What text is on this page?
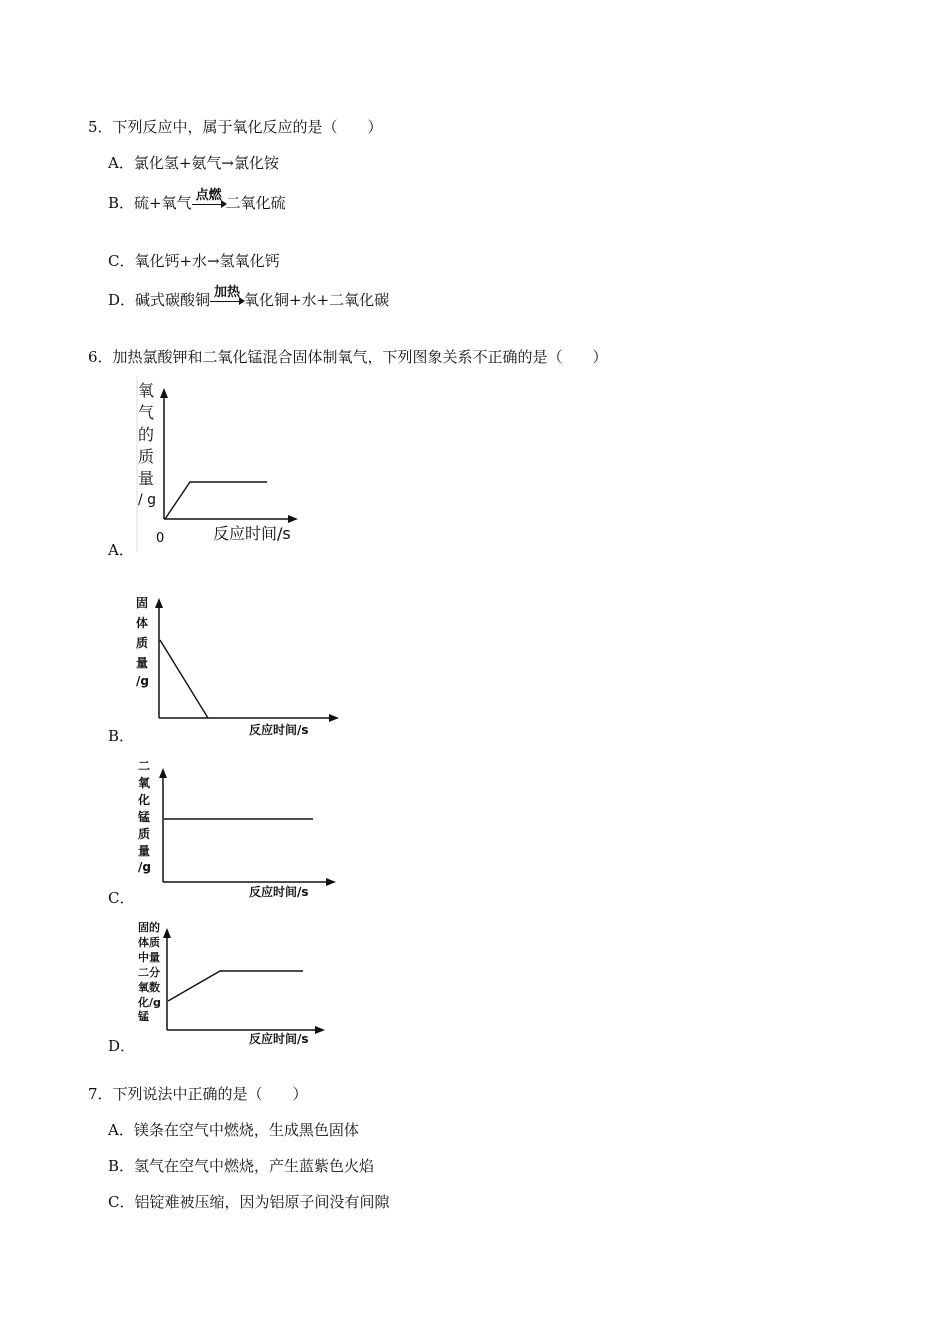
5．下列反应中，属于氧化反应的是（　　）
A．氯化氢+氨气→氯化铵
B．硫+氧气 点燃 二氧化硫
C．氧化钙+水→氢氧化钙
D．碱式碳酸铜 加热 氧化铜+水+二氧化碳
6．加热氯酸钾和二氧化锰混合固体制氧气，下列图象关系不正确的是（　　）
A．
氧
气
的
质
量
/ g
0	反应时间/s
B．
固
体
质
量
/g
反应时间/s
C．
二
氧
化
锰
质
量
/g
反应时间/s
D．
固的
体质
中量
二分
氧数
化/g
锰
反应时间/s
7．下列说法中正确的是（　　）
A．镁条在空气中燃烧，生成黑色固体
B．氢气在空气中燃烧，产生蓝紫色火焰
C．铝锭难被压缩，因为铝原子间没有间隙
